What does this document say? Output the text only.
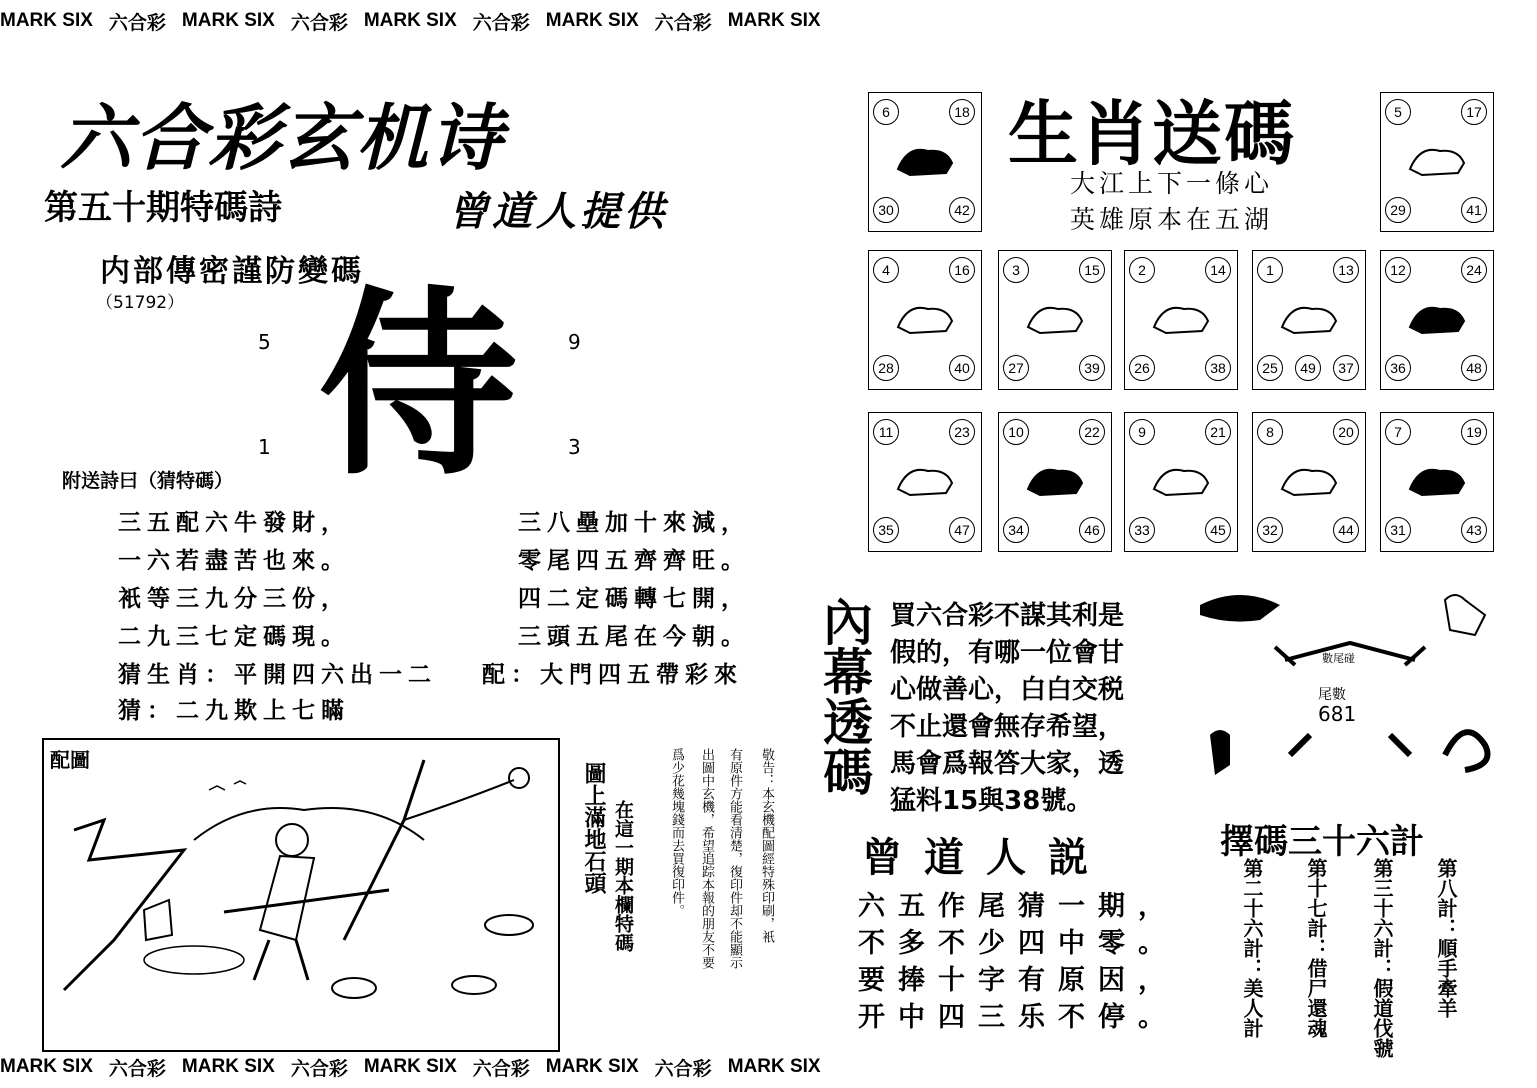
MARK SIX 六合彩 MARK SIX 六合彩 MARK SIX 六合彩 MARK SIX 六合彩 MARK SIX
六合彩玄机诗
第五十期特碼詩	曾道人提供
内部傳密謹防變碼
（51792） 侍
5	9
1	3
附送詩曰（猜特碼）
三五配六牛發財，
一六若盡苦也來。
衹等三九分三份，
二九三七定碼現。
三八壘加十來減，
零尾四五齊齊旺。
四二定碼轉七開，
三頭五尾在今朝。
猜生肖：平開四六出一二 配：大門四五帶彩來
猜：二九欺上七瞞
配圖
圖上滿地石頭 在這一期本欄特碼	敬告：本玄機配圖經特殊印刷，衹
有原件方能看清楚，復印件却不能顯示
出圖中玄機，希望追踪本報的朋友不要
爲少花幾塊錢而去買復印件。
生肖送碼
大江上下一條心
英雄原本在五湖
6	18
30	42
5	17
29	41
4	16
28	40
3	15
27	39
2	14
26	38
1	13
25	37
49
12	24
36	48
11	23
35	47
10	22
34	46
9	21
33	45
8	20
32	44
7	19
31	43
內幕透碼 買六合彩不謀其利是
假的，有哪一位會甘
心做善心，白白交税
不止還會無存希望，
馬會爲報答大家，透
猛料15與38號。
數尾碰
尾數
681
曾道人説
六五作尾猜一期，
不多不少四中零。
要捧十字有原因，
开中四三乐不停。
擇碼三十六計
第八計：順手牽羊
第三十六計：假道伐虢
第十七計：借尸還魂
第二十六計：美人計
MARK SIX 六合彩 MARK SIX 六合彩 MARK SIX 六合彩 MARK SIX 六合彩 MARK SIX
